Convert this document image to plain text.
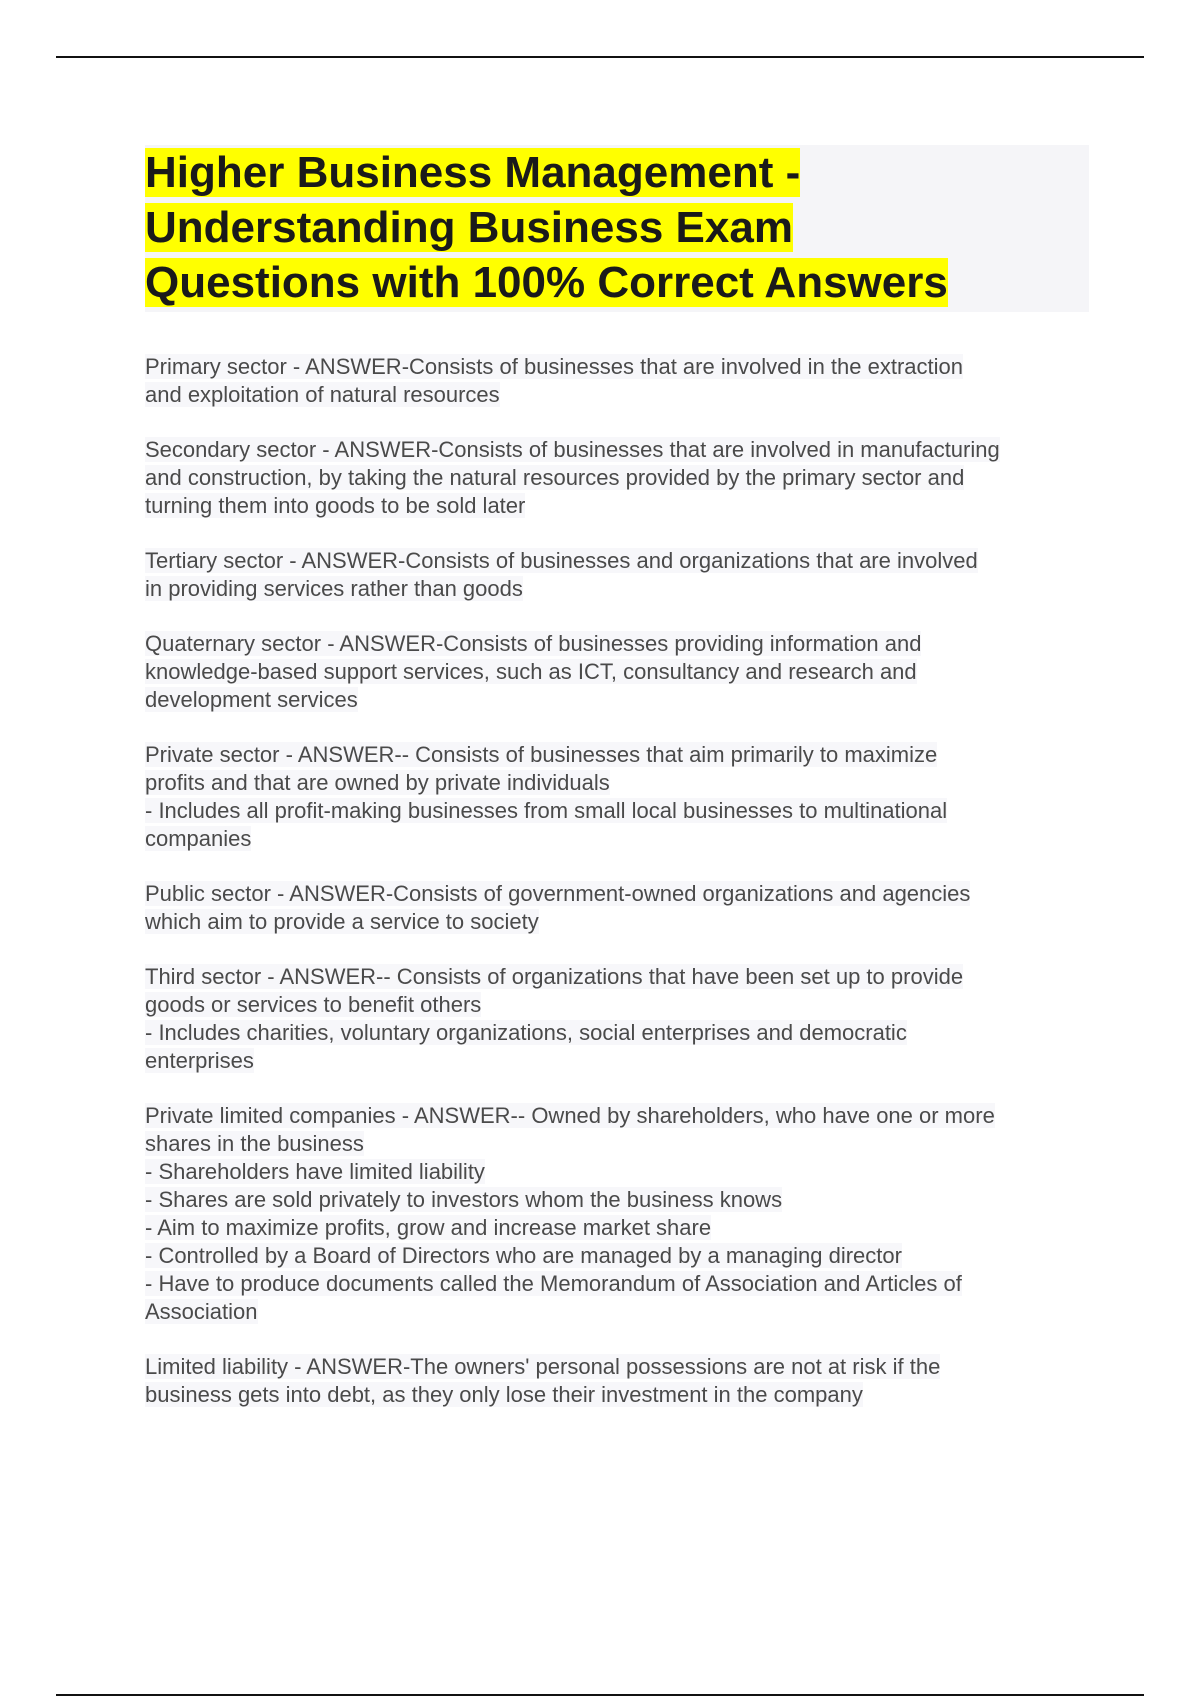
Higher Business Management -
Understanding Business Exam
Questions with 100% Correct Answers
Primary sector - ANSWER-Consists of businesses that are involved in the extraction
and exploitation of natural resources
Secondary sector - ANSWER-Consists of businesses that are involved in manufacturing
and construction, by taking the natural resources provided by the primary sector and
turning them into goods to be sold later
Tertiary sector - ANSWER-Consists of businesses and organizations that are involved
in providing services rather than goods
Quaternary sector - ANSWER-Consists of businesses providing information and
knowledge-based support services, such as ICT, consultancy and research and
development services
Private sector - ANSWER-- Consists of businesses that aim primarily to maximize
profits and that are owned by private individuals
- Includes all profit-making businesses from small local businesses to multinational
companies
Public sector - ANSWER-Consists of government-owned organizations and agencies
which aim to provide a service to society
Third sector - ANSWER-- Consists of organizations that have been set up to provide
goods or services to benefit others
- Includes charities, voluntary organizations, social enterprises and democratic
enterprises
Private limited companies - ANSWER-- Owned by shareholders, who have one or more
shares in the business
- Shareholders have limited liability
- Shares are sold privately to investors whom the business knows
- Aim to maximize profits, grow and increase market share
- Controlled by a Board of Directors who are managed by a managing director
- Have to produce documents called the Memorandum of Association and Articles of
Association
Limited liability - ANSWER-The owners' personal possessions are not at risk if the
business gets into debt, as they only lose their investment in the company
